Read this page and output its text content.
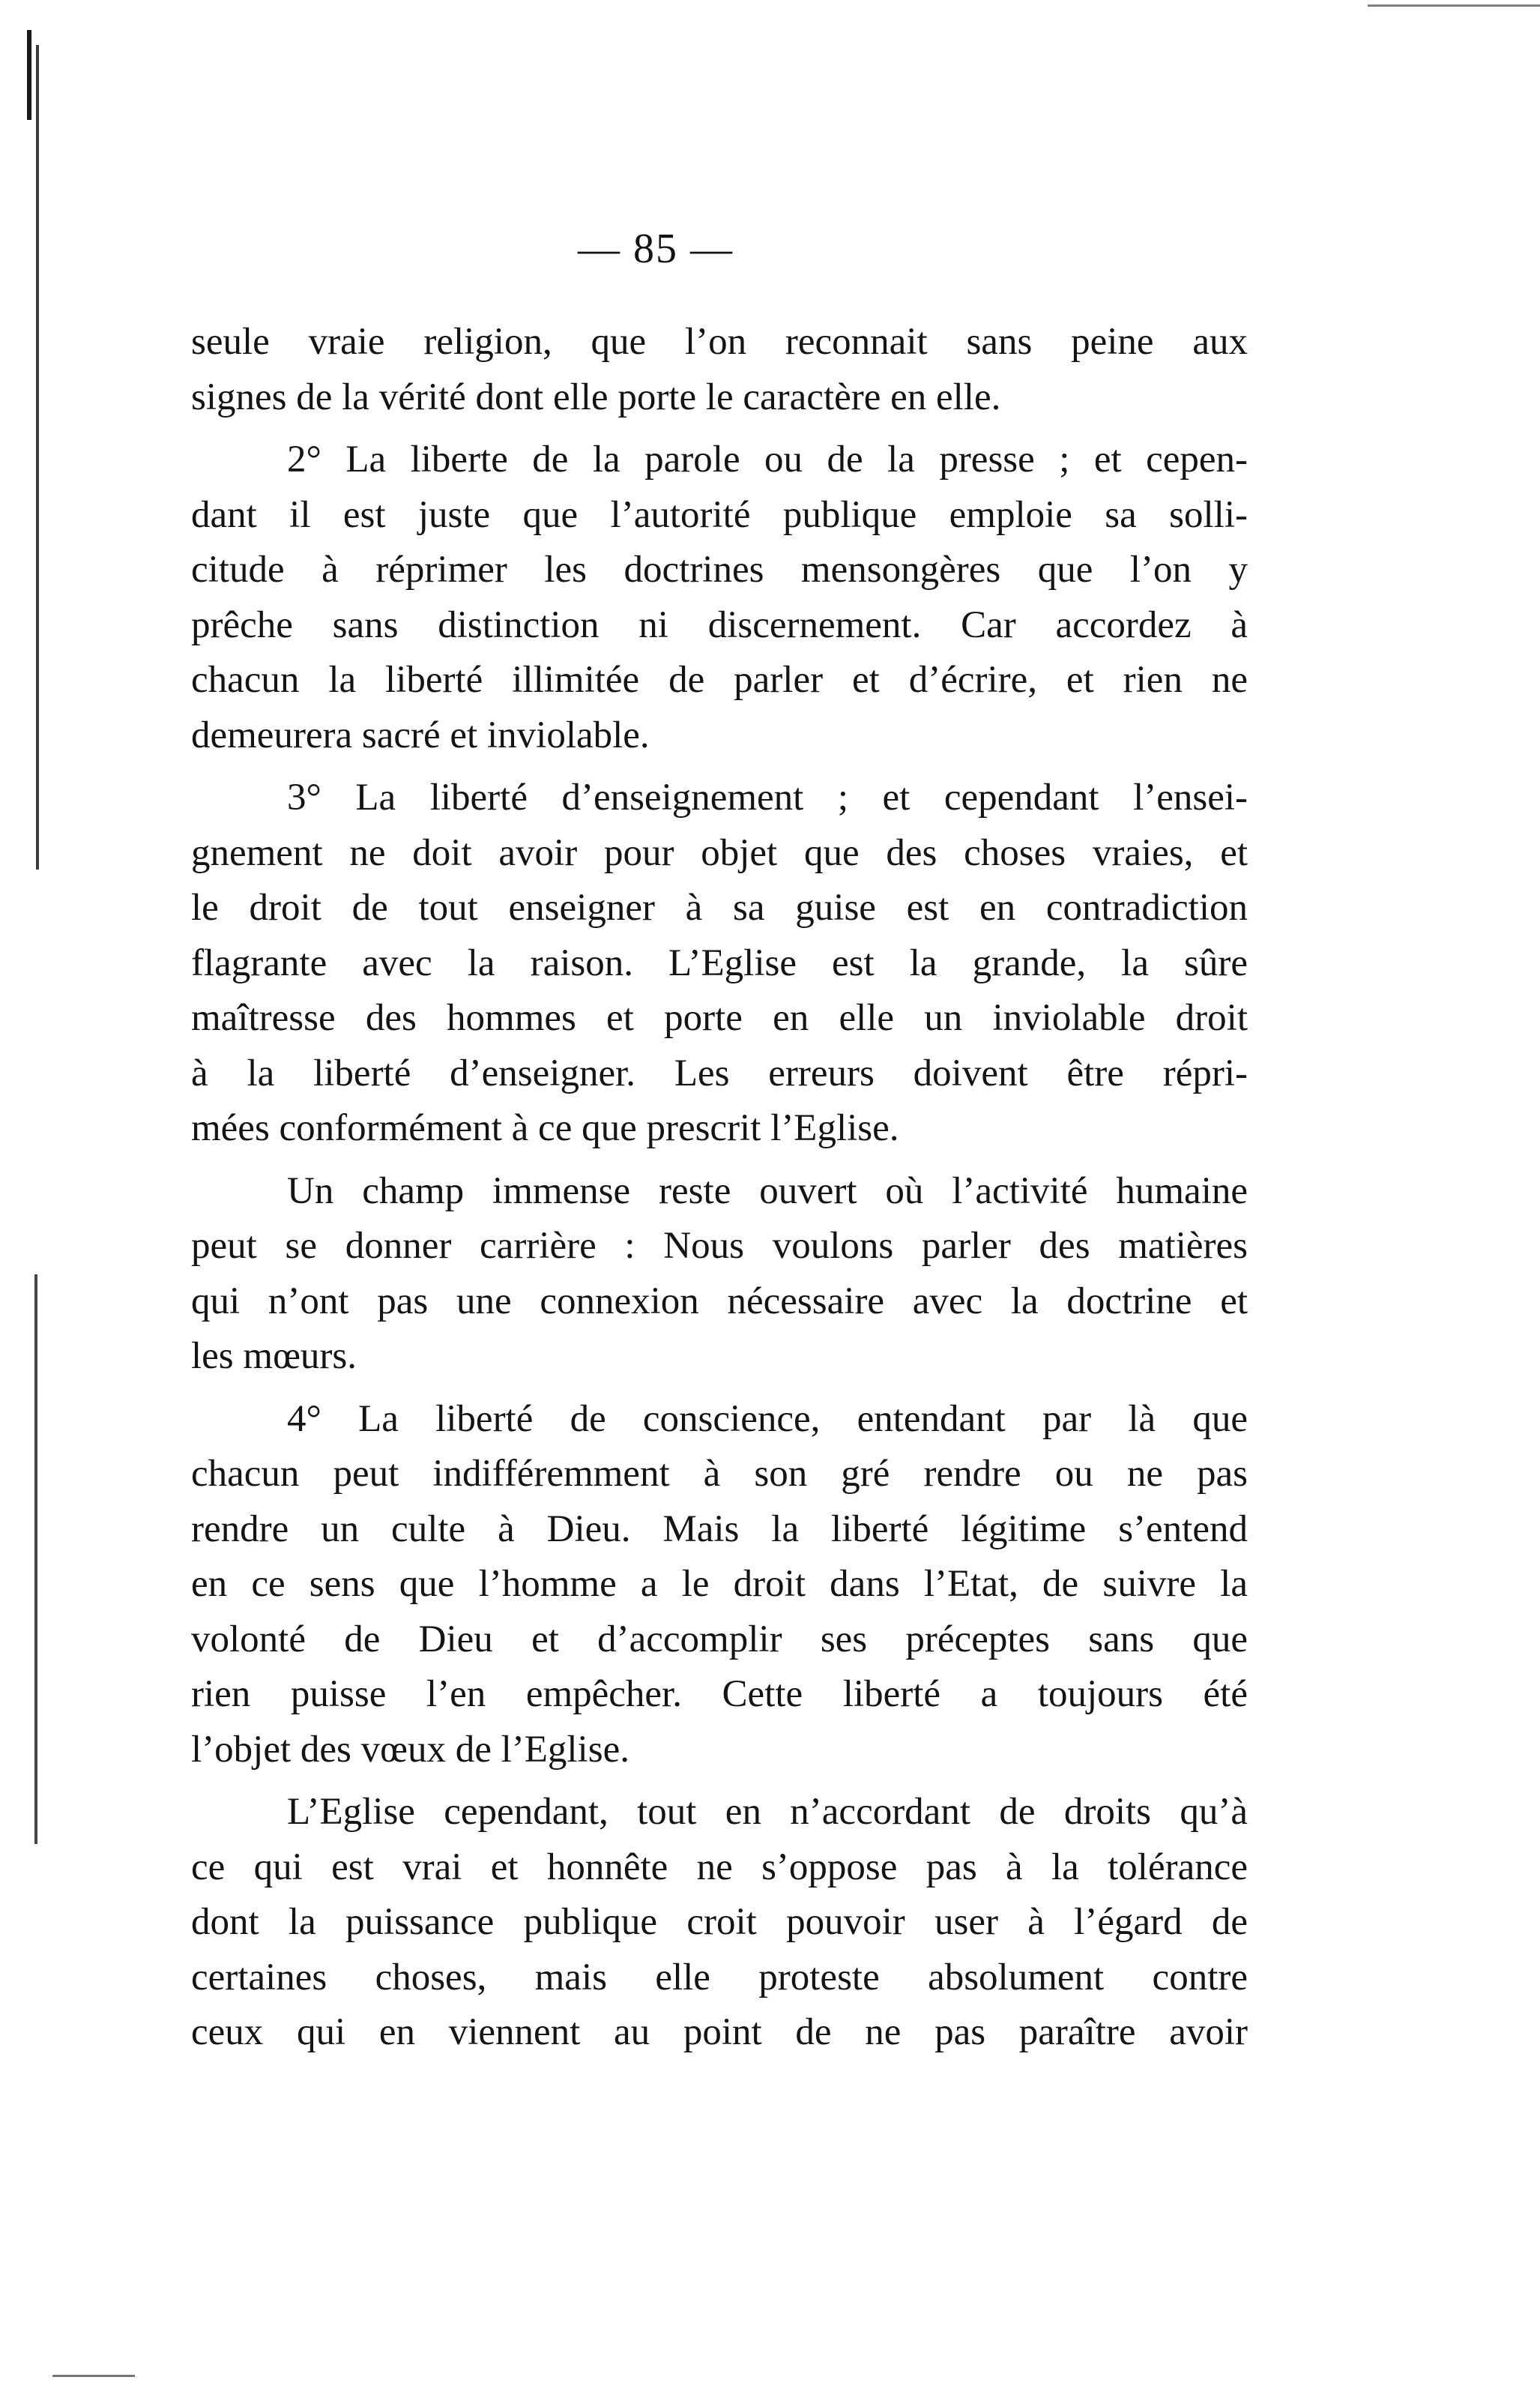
— 85 —
seule vraie religion, que l’on reconnait sans peine aux
signes de la vérité dont elle porte le caractère en elle.
2° La liberte de la parole ou de la presse ; et cepen-
dant il est juste que l’autorité publique emploie sa solli-
citude à réprimer les doctrines mensongères que l’on y
prêche sans distinction ni discernement. Car accordez à
chacun la liberté illimitée de parler et d’écrire, et rien ne
demeurera sacré et inviolable.
3° La liberté d’enseignement ; et cependant l’ensei-
gnement ne doit avoir pour objet que des choses vraies, et
le droit de tout enseigner à sa guise est en contradiction
flagrante avec la raison. L’Eglise est la grande, la sûre
maîtresse des hommes et porte en elle un inviolable droit
à la liberté d’enseigner. Les erreurs doivent être répri-
mées conformément à ce que prescrit l’Eglise.
Un champ immense reste ouvert où l’activité humaine
peut se donner carrière : Nous voulons parler des matières
qui n’ont pas une connexion nécessaire avec la doctrine et
les mœurs.
4° La liberté de conscience, entendant par là que
chacun peut indifféremment à son gré rendre ou ne pas
rendre un culte à Dieu. Mais la liberté légitime s’entend
en ce sens que l’homme a le droit dans l’Etat, de suivre la
volonté de Dieu et d’accomplir ses préceptes sans que
rien puisse l’en empêcher. Cette liberté a toujours été
l’objet des vœux de l’Eglise.
L’Eglise cependant, tout en n’accordant de droits qu’à
ce qui est vrai et honnête ne s’oppose pas à la tolérance
dont la puissance publique croit pouvoir user à l’égard de
certaines choses, mais elle proteste absolument contre
ceux qui en viennent au point de ne pas paraître avoir
